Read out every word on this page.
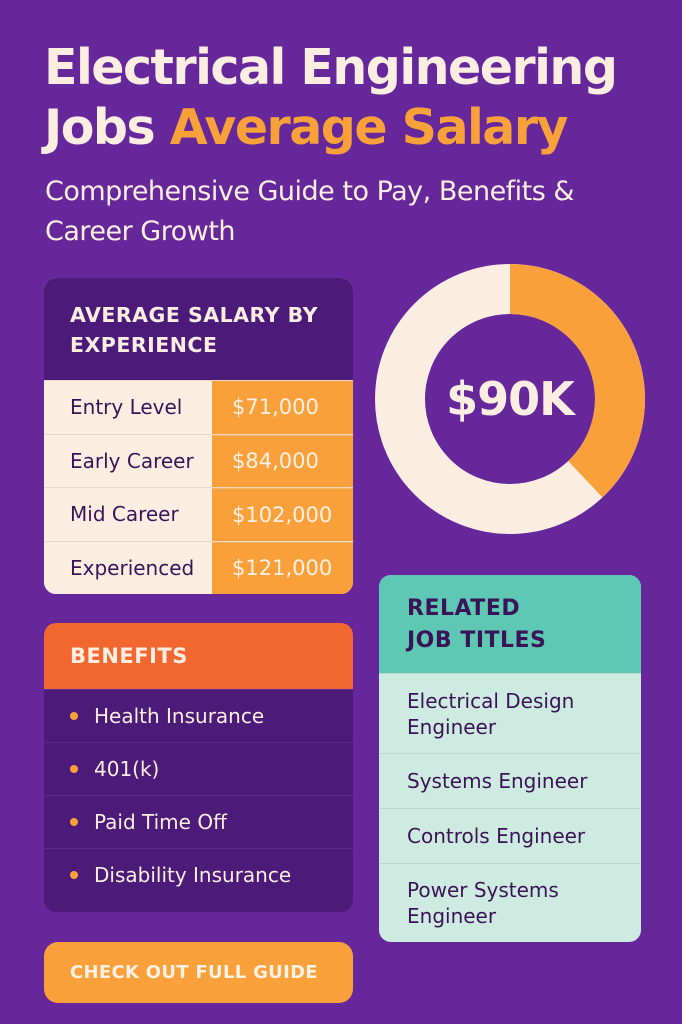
Electrical Engineering Jobs Average Salary
Comprehensive Guide to Pay, Benefits & Career Growth
AVERAGE SALARY BY EXPERIENCE
Entry Level	$71,000
Early Career	$84,000
Mid Career	$102,000
Experienced	$121,000
$90K
BENEFITS
Health Insurance
401(k)
Paid Time Off
Disability Insurance
RELATED JOB TITLES
Electrical Design Engineer
Systems Engineer
Controls Engineer
Power Systems Engineer
CHECK OUT FULL GUIDE
